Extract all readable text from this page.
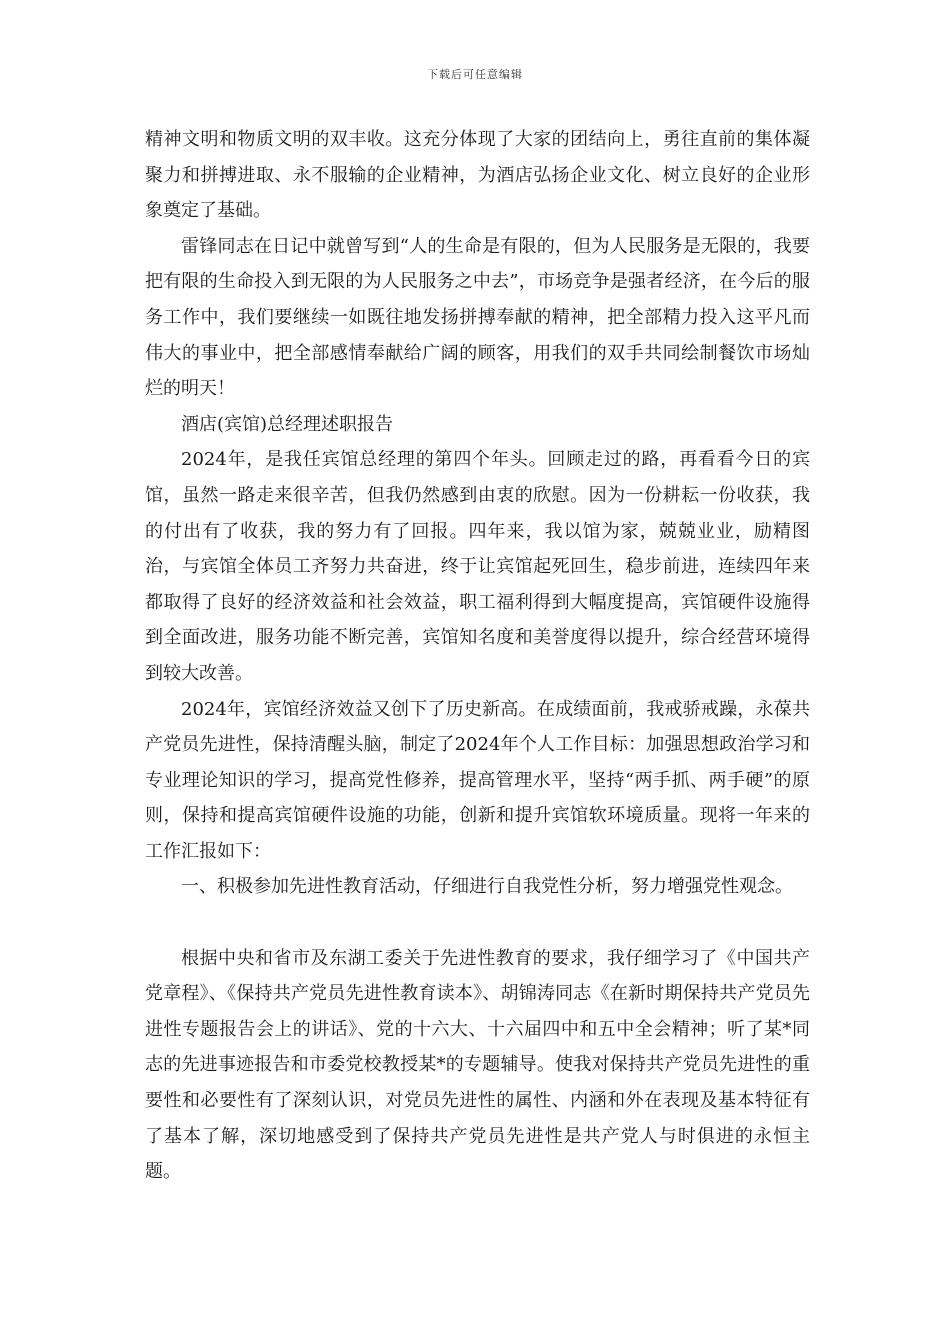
下载后可任意编辑

精神文明和物质文明的双丰收。这充分体现了大家的团结向上，勇往直前的集体凝聚力和拼搏进取、永不服输的企业精神，为酒店弘扬企业文化、树立良好的企业形象奠定了基础。

雷锋同志在日记中就曾写到“人的生命是有限的，但为人民服务是无限的，我要把有限的生命投入到无限的为人民服务之中去”，市场竞争是强者经济，在今后的服务工作中，我们要继续一如既往地发扬拼搏奉献的精神，把全部精力投入这平凡而伟大的事业中，把全部感情奉献给广阔的顾客，用我们的双手共同绘制餐饮市场灿烂的明天！

酒店(宾馆)总经理述职报告

2024年，是我任宾馆总经理的第四个年头。回顾走过的路，再看看今日的宾馆，虽然一路走来很辛苦，但我仍然感到由衷的欣慰。因为一份耕耘一份收获，我的付出有了收获，我的努力有了回报。四年来，我以馆为家，兢兢业业，励精图治，与宾馆全体员工齐努力共奋进，终于让宾馆起死回生，稳步前进，连续四年来都取得了良好的经济效益和社会效益，职工福利得到大幅度提高，宾馆硬件设施得到全面改进，服务功能不断完善，宾馆知名度和美誉度得以提升，综合经营环境得到较大改善。

2024年，宾馆经济效益又创下了历史新高。在成绩面前，我戒骄戒躁，永葆共产党员先进性，保持清醒头脑，制定了2024年个人工作目标：加强思想政治学习和专业理论知识的学习，提高党性修养，提高管理水平，坚持“两手抓、两手硬”的原则，保持和提高宾馆硬件设施的功能，创新和提升宾馆软环境质量。现将一年来的工作汇报如下：

一、积极参加先进性教育活动，仔细进行自我党性分析，努力增强党性观念。

根据中央和省市及东湖工委关于先进性教育的要求，我仔细学习了《中国共产党章程》、《保持共产党员先进性教育读本》、胡锦涛同志《在新时期保持共产党员先进性专题报告会上的讲话》、党的十六大、十六届四中和五中全会精神；听了某*同志的先进事迹报告和市委党校教授某*的专题辅导。使我对保持共产党员先进性的重要性和必要性有了深刻认识，对党员先进性的属性、内涵和外在表现及基本特征有了基本了解，深切地感受到了保持共产党员先进性是共产党人与时俱进的永恒主题。
